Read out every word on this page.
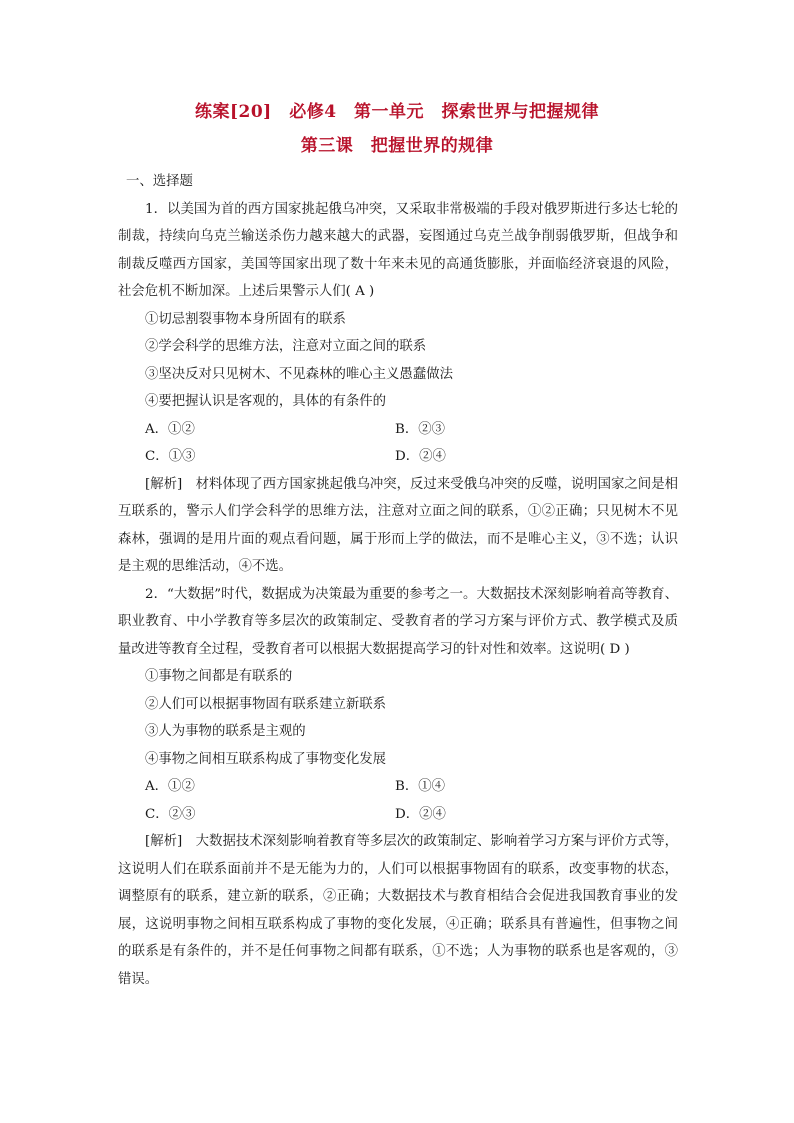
练案[20]　必修4　第一单元　探索世界与把握规律
第三课　把握世界的规律

一、选择题

1．以美国为首的西方国家挑起俄乌冲突，又采取非常极端的手段对俄罗斯进行多达七轮的制裁，持续向乌克兰输送杀伤力越来越大的武器，妄图通过乌克兰战争削弱俄罗斯，但战争和制裁反噬西方国家，美国等国家出现了数十年来未见的高通货膨胀，并面临经济衰退的风险，社会危机不断加深。上述后果警示人们( A )

①切忌割裂事物本身所固有的联系

②学会科学的思维方法，注意对立面之间的联系

③坚决反对只见树木、不见森林的唯心主义愚蠢做法

④要把握认识是客观的，具体的有条件的

A．①②	B．②③
C．①③	D．②④

[解析]　材料体现了西方国家挑起俄乌冲突，反过来受俄乌冲突的反噬，说明国家之间是相互联系的，警示人们学会科学的思维方法，注意对立面之间的联系，①②正确；只见树木不见森林，强调的是用片面的观点看问题，属于形而上学的做法，而不是唯心主义，③不选；认识是主观的思维活动，④不选。

2．“大数据”时代，数据成为决策最为重要的参考之一。大数据技术深刻影响着高等教育、职业教育、中小学教育等多层次的政策制定、受教育者的学习方案与评价方式、教学模式及质量改进等教育全过程，受教育者可以根据大数据提高学习的针对性和效率。这说明( D )

①事物之间都是有联系的

②人们可以根据事物固有联系建立新联系

③人为事物的联系是主观的

④事物之间相互联系构成了事物变化发展

A．①②	B．①④
C．②③	D．②④

[解析]　大数据技术深刻影响着教育等多层次的政策制定、影响着学习方案与评价方式等，这说明人们在联系面前并不是无能为力的，人们可以根据事物固有的联系，改变事物的状态，调整原有的联系，建立新的联系，②正确；大数据技术与教育相结合会促进我国教育事业的发展，这说明事物之间相互联系构成了事物的变化发展，④正确；联系具有普遍性，但事物之间的联系是有条件的，并不是任何事物之间都有联系，①不选；人为事物的联系也是客观的，③错误。
